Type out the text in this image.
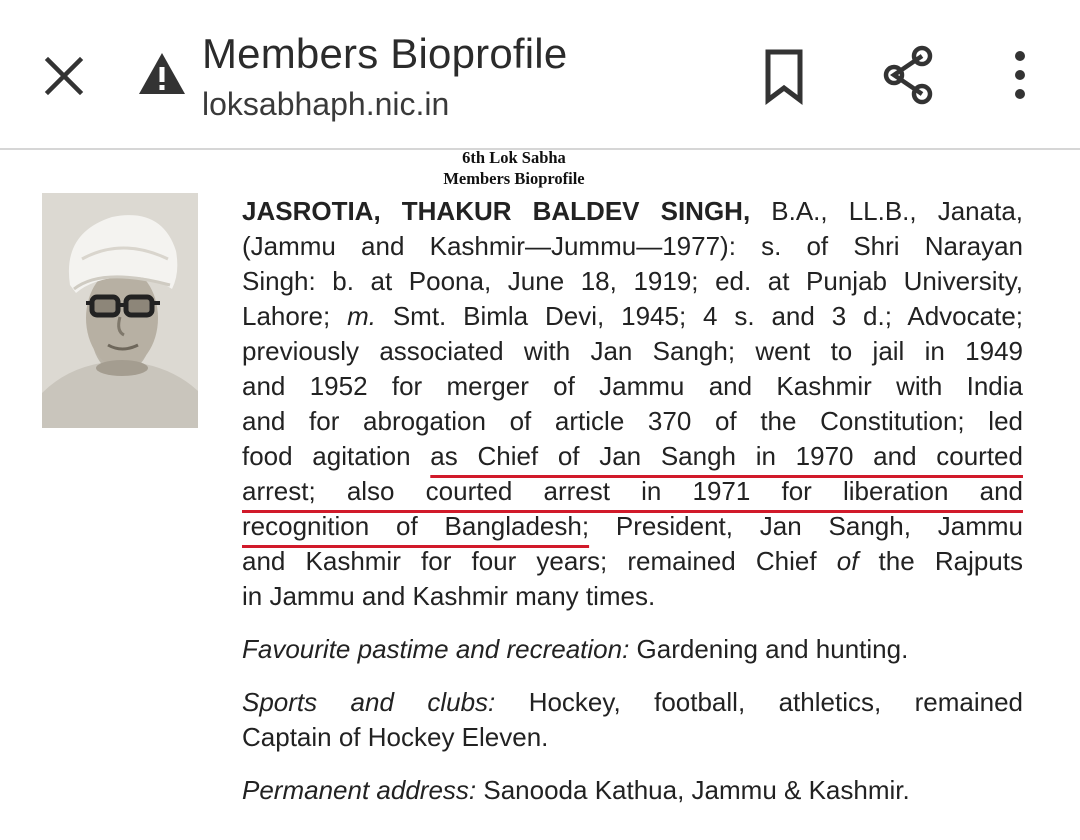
Members Bioprofile
loksabhaph.nic.in
6th Lok Sabha
Members Bioprofile
JASROTIA, THAKUR BALDEV SINGH, B.A., LL.B., Janata,
(Jammu and Kashmir—Jummu—1977): s. of Shri Narayan
Singh: b. at Poona, June 18, 1919; ed. at Punjab University,
Lahore; m. Smt. Bimla Devi, 1945; 4 s. and 3 d.; Advocate;
previously associated with Jan Sangh; went to jail in 1949
and 1952 for merger of Jammu and Kashmir with India
and for abrogation of article 370 of the Constitution; led
food agitation as Chief of Jan Sangh in 1970 and courted
arrest; also courted arrest in 1971 for liberation and
recognition of Bangladesh; President, Jan Sangh, Jammu
and Kashmir for four years; remained Chief of the Rajputs
in Jammu and Kashmir many times.
Favourite pastime and recreation: Gardening and hunting.
Sports and clubs: Hockey, football, athletics, remained
Captain of Hockey Eleven.
Permanent address: Sanooda Kathua, Jammu & Kashmir.
